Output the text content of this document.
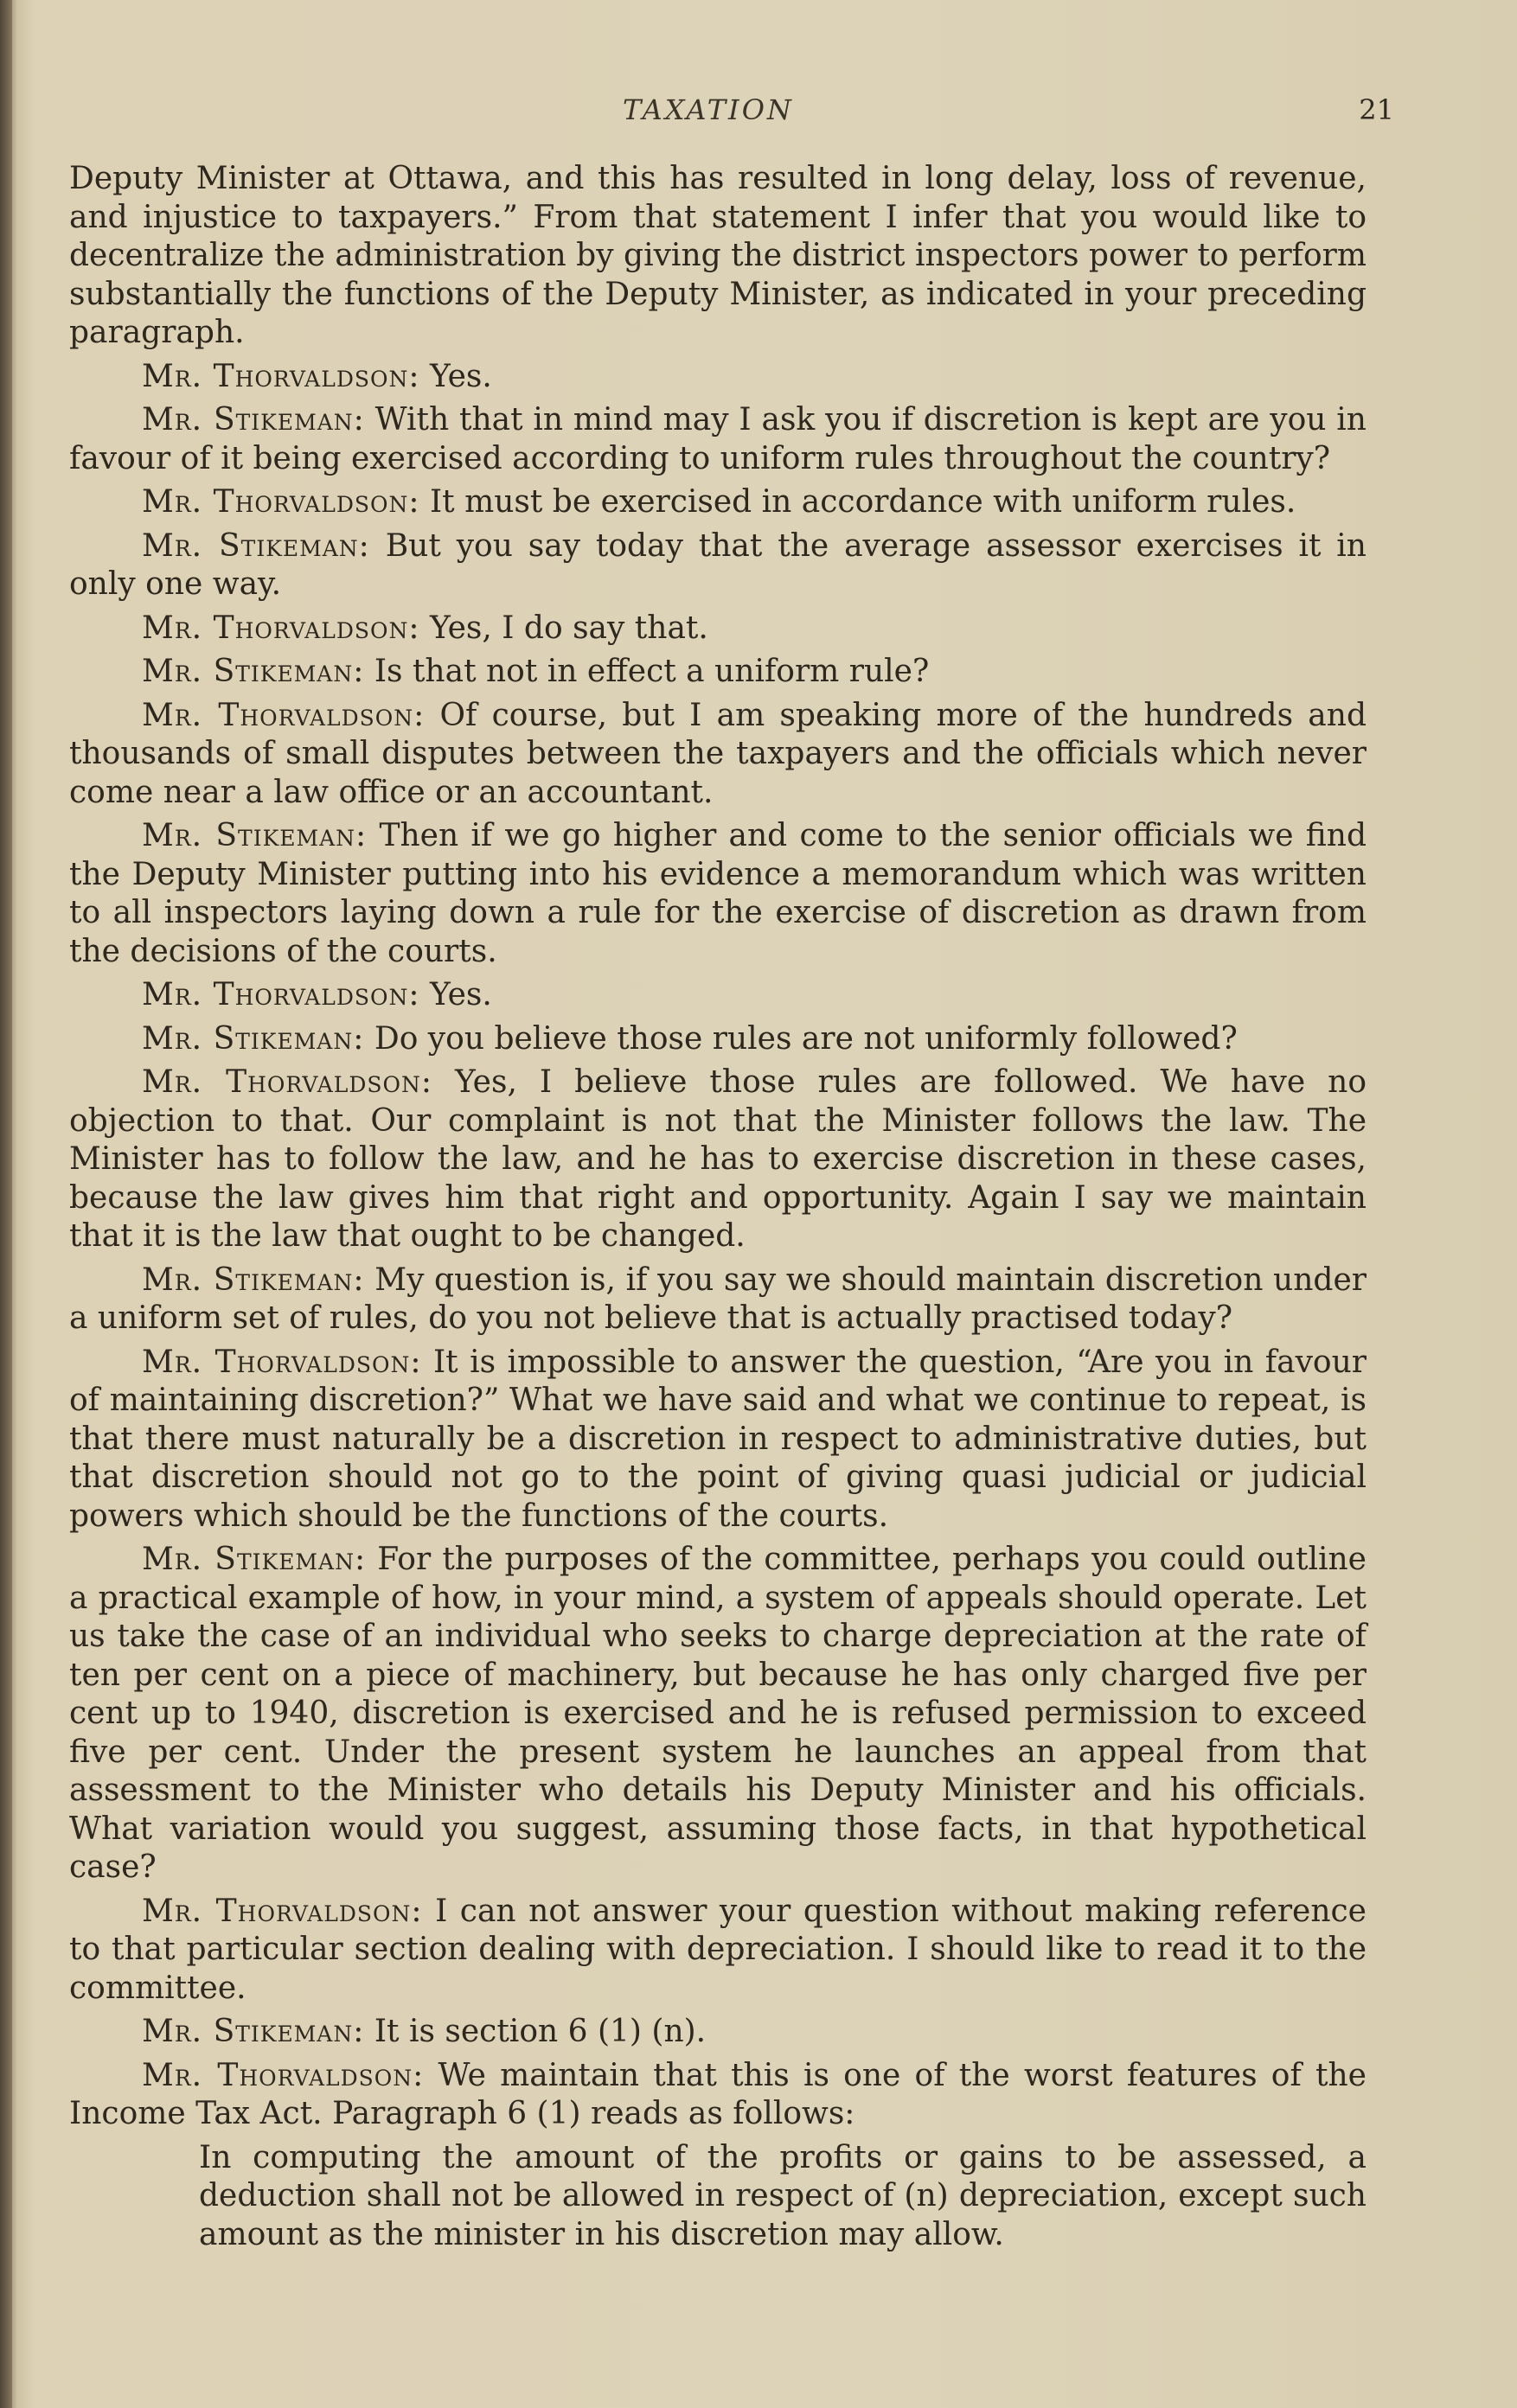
TAXATION	21

Deputy Minister at Ottawa, and this has resulted in long delay, loss of revenue, and injustice to taxpayers.” From that statement I infer that you would like to decentralize the administration by giving the district inspectors power to perform substantially the functions of the Deputy Minister, as indicated in your preceding paragraph.

Mr. Thorvaldson: Yes.

Mr. Stikeman: With that in mind may I ask you if discretion is kept are you in favour of it being exercised according to uniform rules throughout the country?

Mr. Thorvaldson: It must be exercised in accordance with uniform rules.

Mr. Stikeman: But you say today that the average assessor exercises it in only one way.

Mr. Thorvaldson: Yes, I do say that.

Mr. Stikeman: Is that not in effect a uniform rule?

Mr. Thorvaldson: Of course, but I am speaking more of the hundreds and thousands of small disputes between the taxpayers and the officials which never come near a law office or an accountant.

Mr. Stikeman: Then if we go higher and come to the senior officials we find the Deputy Minister putting into his evidence a memorandum which was written to all inspectors laying down a rule for the exercise of discretion as drawn from the decisions of the courts.

Mr. Thorvaldson: Yes.

Mr. Stikeman: Do you believe those rules are not uniformly followed?

Mr. Thorvaldson: Yes, I believe those rules are followed. We have no objection to that. Our complaint is not that the Minister follows the law. The Minister has to follow the law, and he has to exercise discretion in these cases, because the law gives him that right and opportunity. Again I say we maintain that it is the law that ought to be changed.

Mr. Stikeman: My question is, if you say we should maintain discretion under a uniform set of rules, do you not believe that is actually practised today?

Mr. Thorvaldson: It is impossible to answer the question, “Are you in favour of maintaining discretion?” What we have said and what we continue to repeat, is that there must naturally be a discretion in respect to administrative duties, but that discretion should not go to the point of giving quasi judicial or judicial powers which should be the functions of the courts.

Mr. Stikeman: For the purposes of the committee, perhaps you could outline a practical example of how, in your mind, a system of appeals should operate. Let us take the case of an individual who seeks to charge depreciation at the rate of ten per cent on a piece of machinery, but because he has only charged five per cent up to 1940, discretion is exercised and he is refused permission to exceed five per cent. Under the present system he launches an appeal from that assessment to the Minister who details his Deputy Minister and his officials. What variation would you suggest, assuming those facts, in that hypothetical case?

Mr. Thorvaldson: I can not answer your question without making reference to that particular section dealing with depreciation. I should like to read it to the committee.

Mr. Stikeman: It is section 6 (1) (n).

Mr. Thorvaldson: We maintain that this is one of the worst features of the Income Tax Act. Paragraph 6 (1) reads as follows:

In computing the amount of the profits or gains to be assessed, a deduction shall not be allowed in respect of (n) depreciation, except such amount as the minister in his discretion may allow.
